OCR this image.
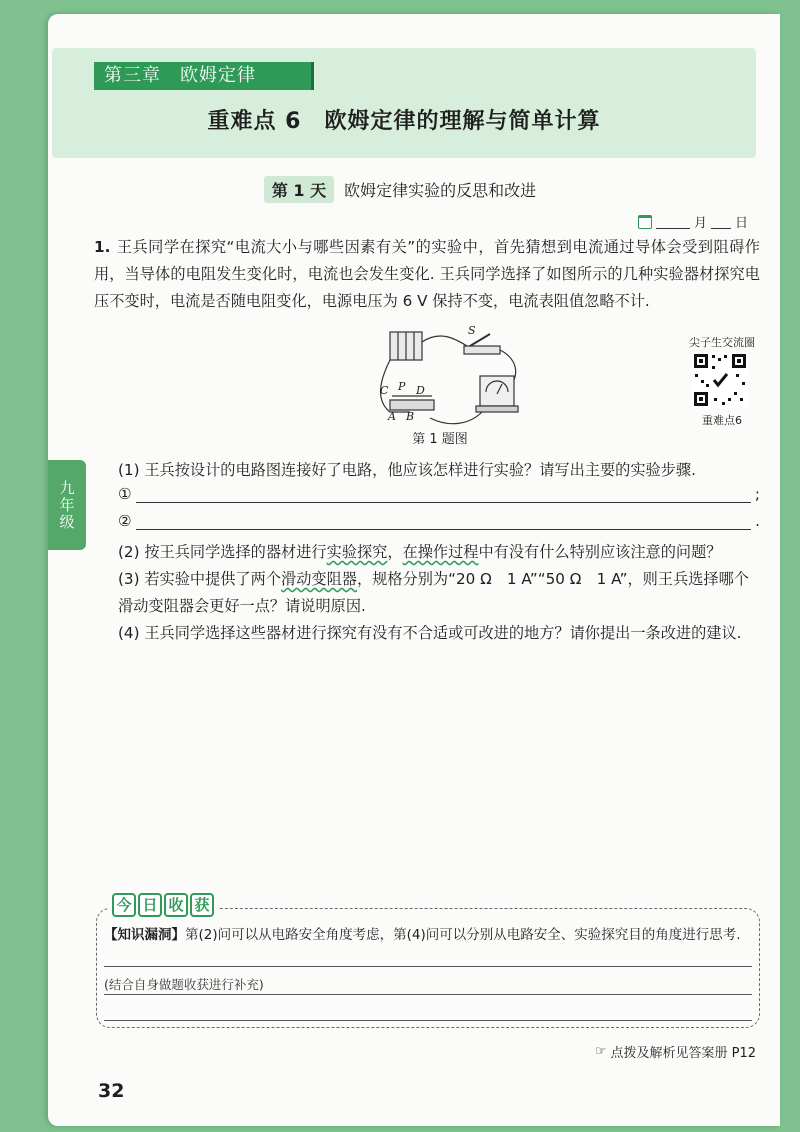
九年级
第三章　欧姆定律
重难点 6　欧姆定律的理解与简单计算
第 1 天	欧姆定律实验的反思和改进
月 日
1. 王兵同学在探究“电流大小与哪些因素有关”的实验中，首先猜想到电流通过导体会受到阻碍作用，当导体的电阻发生变化时，电流也会发生变化. 王兵同学选择了如图所示的几种实验器材探究电压不变时，电流是否随电阻变化，电源电压为 6 V 保持不变，电流表阻值忽略不计.
S
C P D
A B
第 1 题图
尖子生交流圈
重难点6
(1) 王兵按设计的电路图连接好了电路，他应该怎样进行实验？请写出主要的实验步骤.
①	;
②	.
(2) 按王兵同学选择的器材进行实验探究，在操作过程中有没有什么特别应该注意的问题？
(3) 若实验中提供了两个滑动变阻器，规格分别为“20 Ω　1 A”“50 Ω　1 A”，则王兵选择哪个滑动变阻器会更好一点？请说明原因.
(4) 王兵同学选择这些器材进行探究有没有不合适或可改进的地方？请你提出一条改进的建议.
今 日 收 获
【知识漏洞】第(2)问可以从电路安全角度考虑，第(4)问可以分别从电路安全、实验探究目的角度进行思考.
(结合自身做题收获进行补充)
☞ 点拨及解析见答案册 P12
32
